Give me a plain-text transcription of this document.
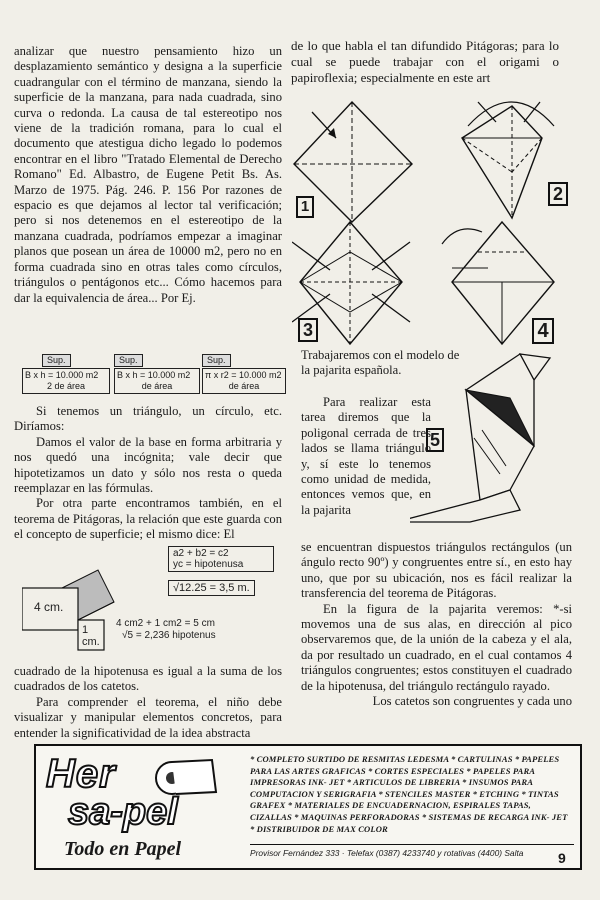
analizar que nuestro pensamiento hizo un desplazamiento semántico y designa a la superficie cuadrangular con el término de manzana, siendo la superficie de la manzana, para nada cuadrada, sino curva o redonda. La causa de tal estereotipo nos viene de la tradición romana, para lo cual el documento que atestigua dicho legado lo podemos encontrar en el libro "Tratado Elemental de Derecho Romano" Ed. Albastro, de Eugene Petit Bs. As. Marzo de 1975. Pág. 246. P. 156 Por razones de espacio es que dejamos al lector tal verificación; pero si nos detenemos en el estereotipo de la manzana cuadrada, podríamos empezar a imaginar planos que posean un área de 10000 m2, pero no en forma cuadrada sino en otras tales como círculos, triángulos o pentágonos etc... Cómo hacemos para dar la equivalencia de área... Por Ej.

Sup.
B x h = 10.000 m2
2 de área
Sup.
B x h = 10.000 m2
de área
Sup.
π x r2 = 10.000 m2
de área

Si tenemos un triángulo, un círculo, etc. Diríamos:

Damos el valor de la base en forma arbitraria y nos quedó una incógnita; vale decir que hipotetizamos un dato y sólo nos resta o queda reemplazar en las fórmulas.

Por otra parte encontramos también, en el teorema de Pitágoras, la relación que este guarda con el concepto de superficie; el mismo dice: El

4 cm.
1 cm.
a2 + b2 = c2
yc = hipotenusa
√12.25 = 3,5 m.
4 cm2 + 1 cm2 = 5 cm
√5 = 2,236 hipotenus

cuadrado de la hipotenusa es igual a la suma de los cuadrados de los catetos.

Para comprender el teorema, el niño debe visualizar y manipular elementos concretos, para entender la significatividad de la idea abstracta

de lo que habla el tan difundido Pitágoras; para lo cual se puede trabajar con el origami o papiroflexia; especialmente en este art
1
2
3	4
Trabajaremos con el modelo de la pajarita española.
5

Para realizar esta tarea diremos que la poligonal cerrada de tres lados se llama triángulo y, sí este lo tenemos como unidad de medida, entonces vemos que, en la pajarita

se encuentran dispuestos triángulos rectángulos (un ángulo recto 90º) y congruentes entre sí., en esto hay uno, que por su ubicación, nos es fácil realizar la transferencia del teorema de Pitágoras.

En la figura de la pajarita veremos: *-si movemos una de sus alas, en dirección al pico observaremos que, de la unión de la cabeza y el ala, da por resultado un cuadrado, en el cual contamos 4 triángulos congruentes; estos constituyen el cuadrado de la hipotenusa, del triángulo rectángulo rayado.

Los catetos son congruentes y cada uno

Her
sa-pel
Todo en Papel
* COMPLETO SURTIDO DE RESMITAS LEDESMA * CARTULINAS * PAPELES PARA LAS ARTES GRAFICAS * CORTES ESPECIALES * PAPELES PARA IMPRESORAS INK- JET * ARTICULOS DE LIBRERIA * INSUMOS PARA COMPUTACION Y SERIGRAFIA * STENCILES MASTER * ETCHING * TINTAS GRAFEX * MATERIALES DE ENCUADERNACION, ESPIRALES TAPAS, CIZALLAS * MAQUINAS PERFORADORAS * SISTEMAS DE RECARGA INK- JET * DISTRIBUIDOR DE MAX COLOR
Provisor Fernández 333 · Telefax (0387) 4233740 y rotativas (4400) Salta	9
